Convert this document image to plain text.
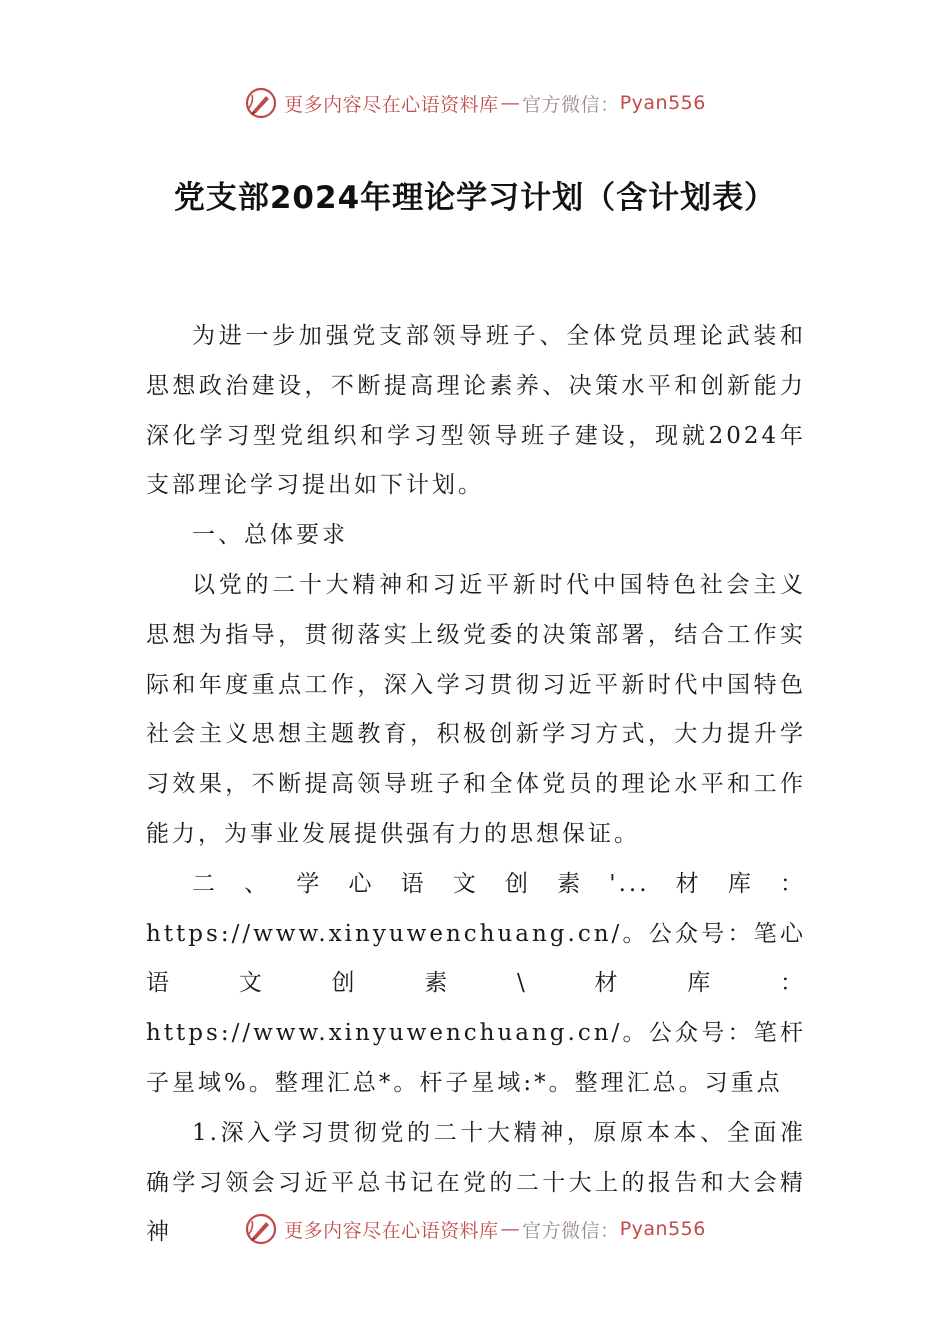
更多内容尽在心语资料库 — 官方微信： Pyan556
党支部2024年理论学习计划（含计划表）

为进一步加强党支部领导班子、全体党员理论武装和思想政治建设，不断提高理论素养、决策水平和创新能力深化学习型党组织和学习型领导班子建设，现就2024年支部理论学习提出如下计划。

一、总体要求

以党的二十大精神和习近平新时代中国特色社会主义思想为指导，贯彻落实上级党委的决策部署，结合工作实际和年度重点工作，深入学习贯彻习近平新时代中国特色社会主义思想主题教育，积极创新学习方式，大力提升学习效果，不断提高领导班子和全体党员的理论水平和工作能力，为事业发展提供强有力的思想保证。

二、学心语文创素'...材库：https://www.xinyuwenchuang.cn/。公众号：笔心语文创素\材库：https://www.xinyuwenchuang.cn/。公众号：笔杆子星域%。整理汇总*。杆子星域:*。整理汇总。习重点

1.深入学习贯彻党的二十大精神，原原本本、全面准确学习领会习近平总书记在党的二十大上的报告和大会精神	更多内容尽在心语资料库 — 官方微信： Pyan556
